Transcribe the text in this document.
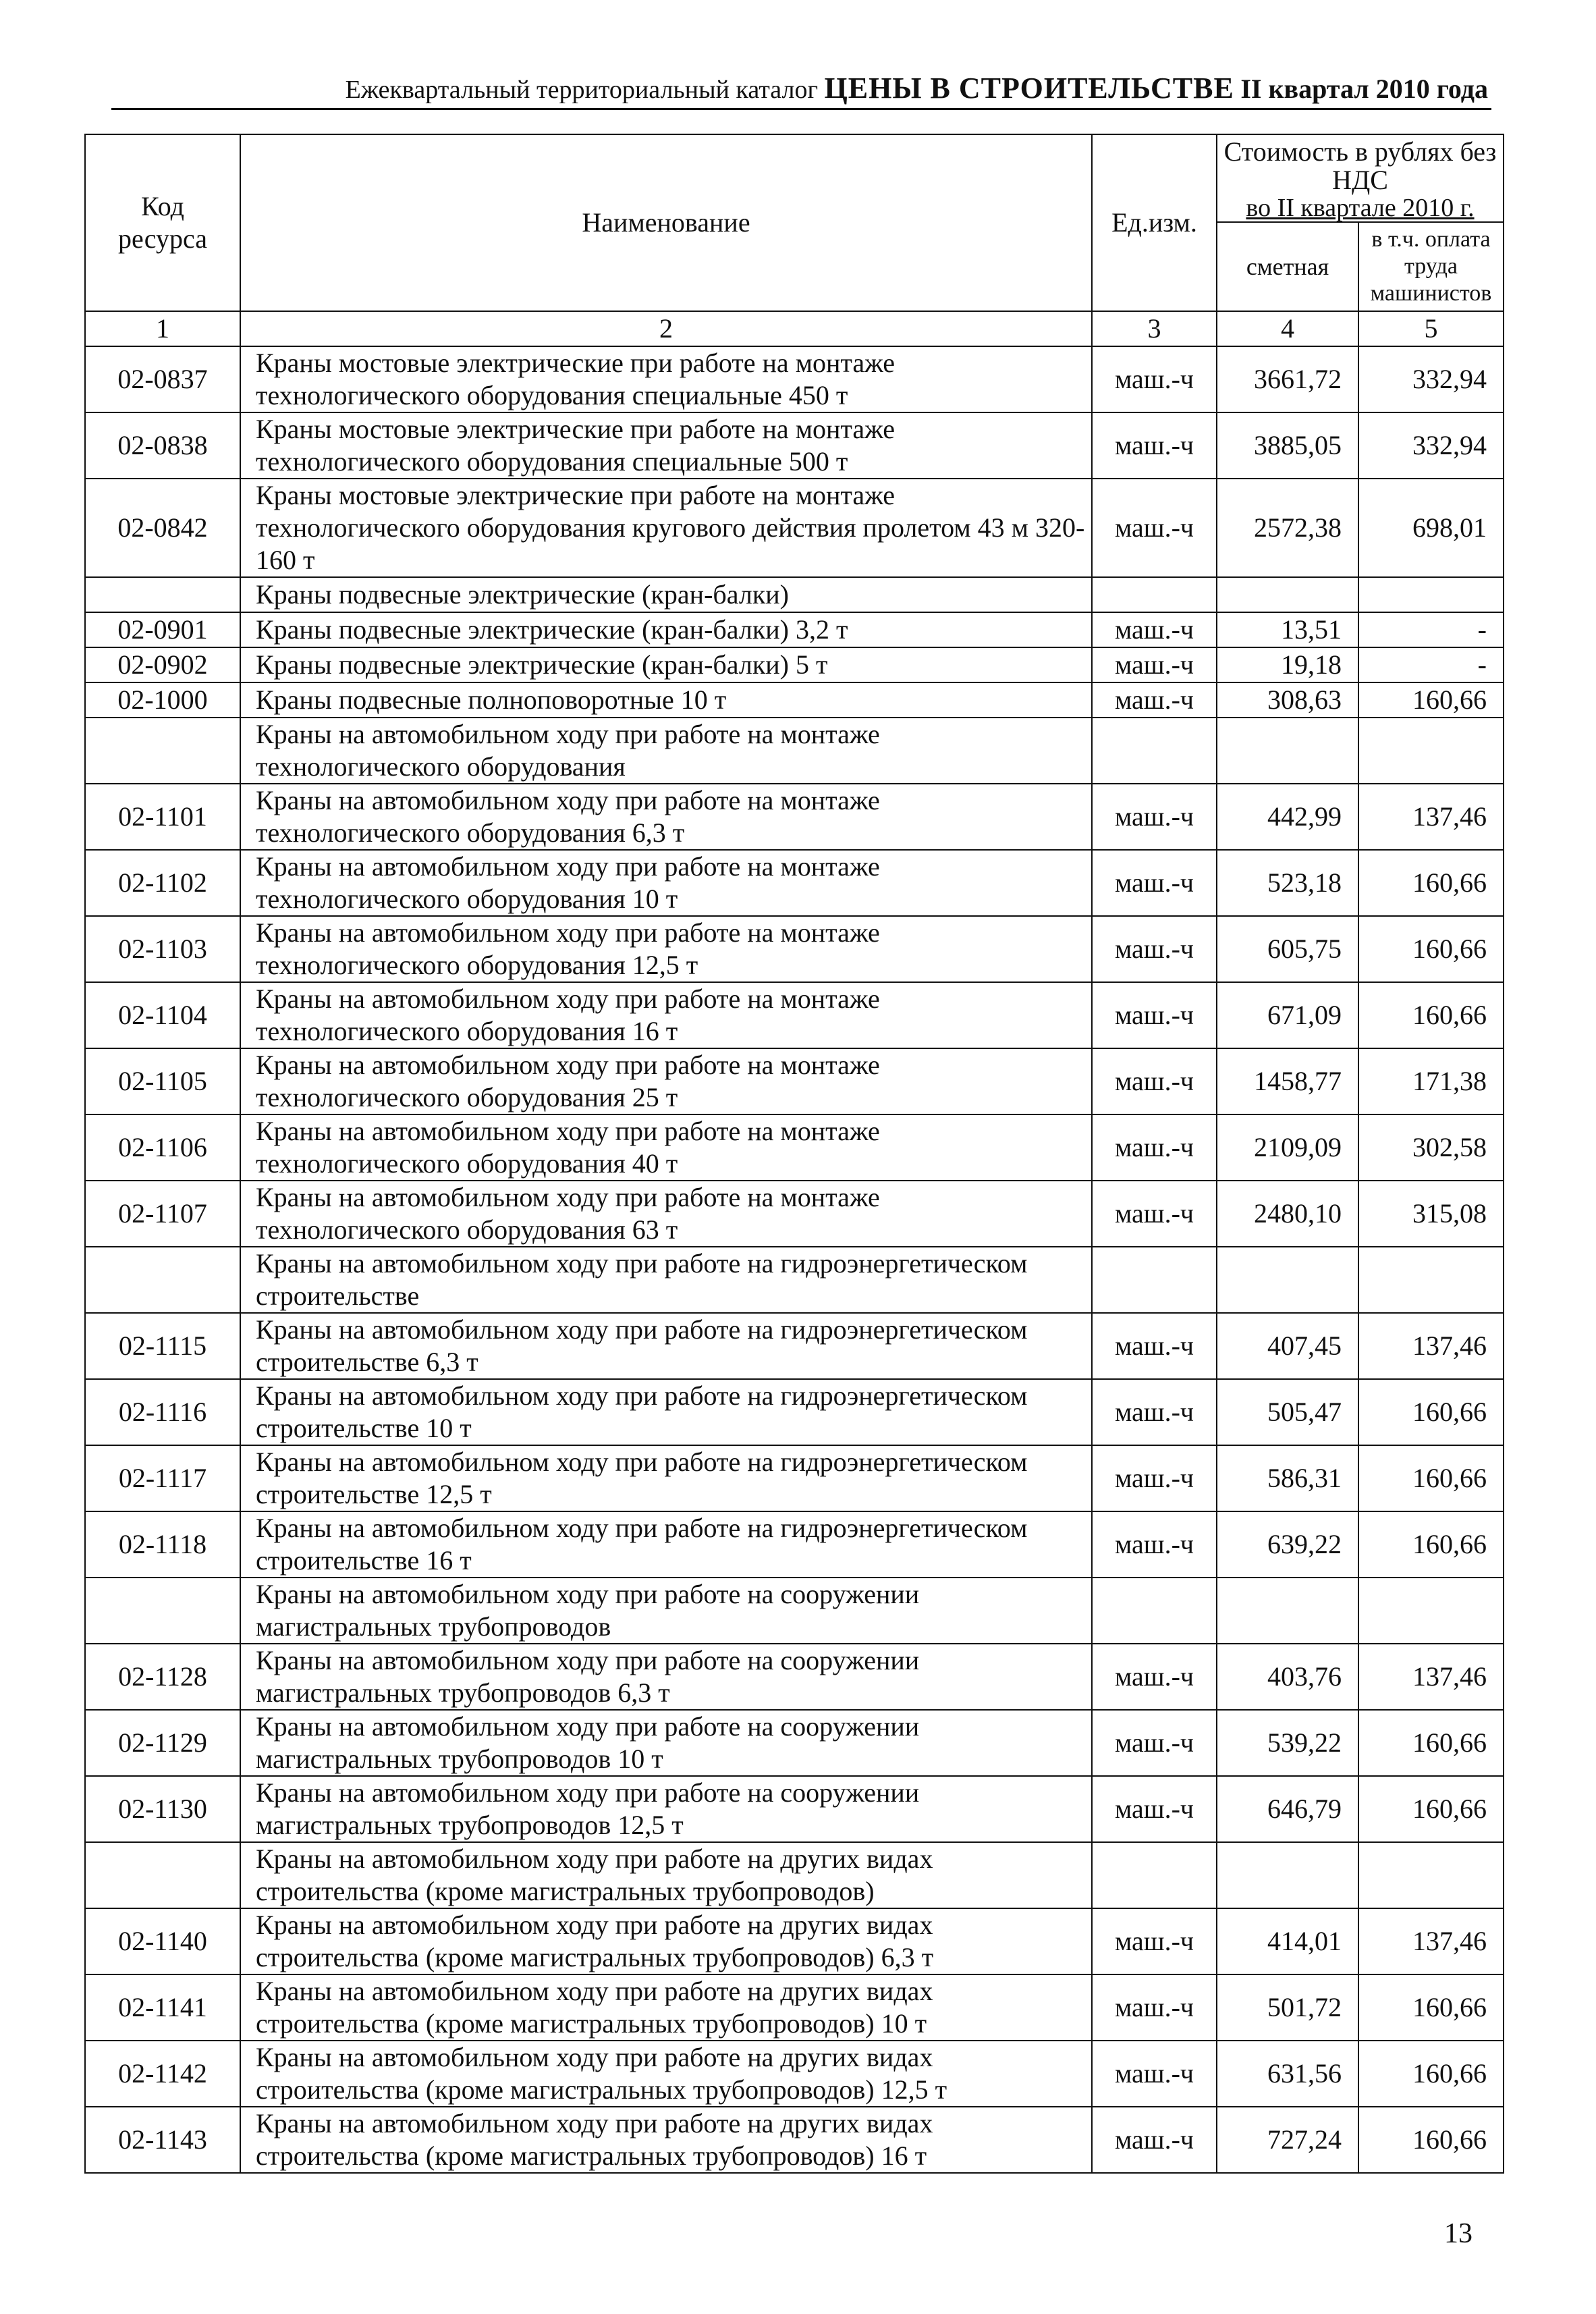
Ежеквартальный территориальный каталог ЦЕНЫ В СТРОИТЕЛЬСТВЕ II квартал 2010 года
Код ресурса	Наименование	Ед.изм.	Стоимость в рублях без НДС	
			во II квартале 2010 г.	
			сметная	в т.ч. оплата труда машинистов
1	2	3	4	5
02-0837	Краны мостовые электрические при работе на монтаже технологического оборудования специальные 450 т	маш.-ч	3661,72	332,94
02-0838	Краны мостовые электрические при работе на монтаже технологического оборудования специальные 500 т	маш.-ч	3885,05	332,94
02-0842	Краны мостовые электрические при работе на монтаже технологического оборудования кругового действия пролетом 43 м 320-160 т	маш.-ч	2572,38	698,01
	Краны подвесные электрические (кран-балки)			
02-0901	Краны подвесные электрические (кран-балки) 3,2 т	маш.-ч	13,51	-
02-0902	Краны подвесные электрические (кран-балки) 5 т	маш.-ч	19,18	-
02-1000	Краны подвесные полноповоротные 10 т	маш.-ч	308,63	160,66
	Краны на автомобильном ходу при работе на монтаже технологического оборудования			
02-1101	Краны на автомобильном ходу при работе на монтаже технологического оборудования 6,3 т	маш.-ч	442,99	137,46
02-1102	Краны на автомобильном ходу при работе на монтаже технологического оборудования 10 т	маш.-ч	523,18	160,66
02-1103	Краны на автомобильном ходу при работе на монтаже технологического оборудования 12,5 т	маш.-ч	605,75	160,66
02-1104	Краны на автомобильном ходу при работе на монтаже технологического оборудования 16 т	маш.-ч	671,09	160,66
02-1105	Краны на автомобильном ходу при работе на монтаже технологического оборудования 25 т	маш.-ч	1458,77	171,38
02-1106	Краны на автомобильном ходу при работе на монтаже технологического оборудования 40 т	маш.-ч	2109,09	302,58
02-1107	Краны на автомобильном ходу при работе на монтаже технологического оборудования 63 т	маш.-ч	2480,10	315,08
	Краны на автомобильном ходу при работе на гидроэнергетическом строительстве			
02-1115	Краны на автомобильном ходу при работе на гидроэнергетическом строительстве 6,3 т	маш.-ч	407,45	137,46
02-1116	Краны на автомобильном ходу при работе на гидроэнергетическом строительстве 10 т	маш.-ч	505,47	160,66
02-1117	Краны на автомобильном ходу при работе на гидроэнергетическом строительстве 12,5 т	маш.-ч	586,31	160,66
02-1118	Краны на автомобильном ходу при работе на гидроэнергетическом строительстве 16 т	маш.-ч	639,22	160,66
	Краны на автомобильном ходу при работе на сооружении магистральных трубопроводов			
02-1128	Краны на автомобильном ходу при работе на сооружении магистральных трубопроводов 6,3 т	маш.-ч	403,76	137,46
02-1129	Краны на автомобильном ходу при работе на сооружении магистральных трубопроводов 10 т	маш.-ч	539,22	160,66
02-1130	Краны на автомобильном ходу при работе на сооружении магистральных трубопроводов 12,5 т	маш.-ч	646,79	160,66
	Краны на автомобильном ходу при работе на других видах строительства (кроме магистральных трубопроводов)			
02-1140	Краны на автомобильном ходу при работе на других видах строительства (кроме магистральных трубопроводов) 6,3 т	маш.-ч	414,01	137,46
02-1141	Краны на автомобильном ходу при работе на других видах строительства (кроме магистральных трубопроводов) 10 т	маш.-ч	501,72	160,66
02-1142	Краны на автомобильном ходу при работе на других видах строительства (кроме магистральных трубопроводов) 12,5 т	маш.-ч	631,56	160,66
02-1143	Краны на автомобильном ходу при работе на других видах строительства (кроме магистральных трубопроводов) 16 т	маш.-ч	727,24	160,66
13
